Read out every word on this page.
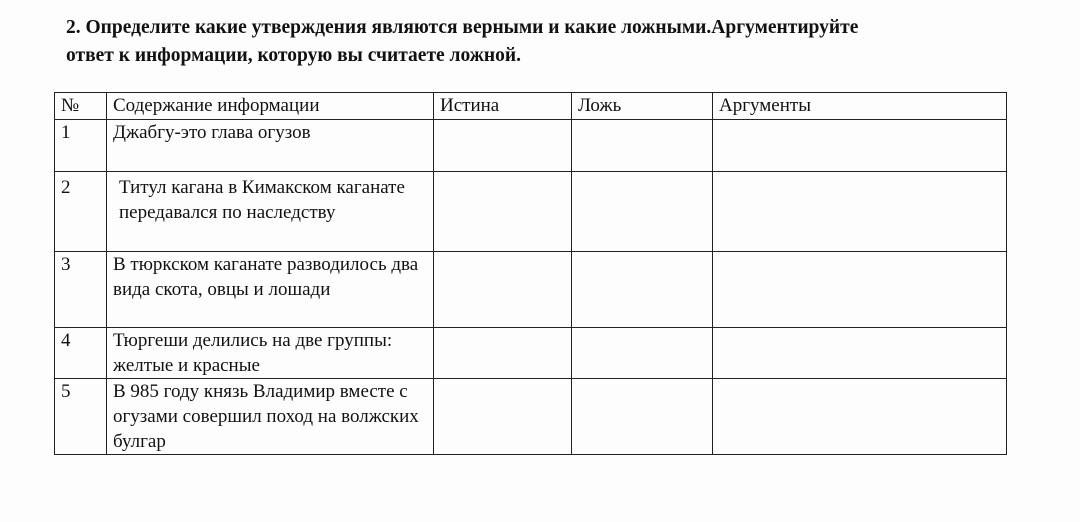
2. Определите какие утверждения являются верными и какие ложными.Аргументируйте
ответ к информации, которую вы считаете ложной.
№	Содержание информации	Истина	Ложь	Аргументы
1	Джабгу-это глава огузов			
2	Титул кагана в Кимакском каганате передавался по наследству			
3	В тюркском каганате разводилось два вида скота, овцы и лошади			
4	Тюргеши делились на две группы: желтые и красные			
5	В 985 году князь Владимир вместе с огузами совершил поход на волжских булгар			
